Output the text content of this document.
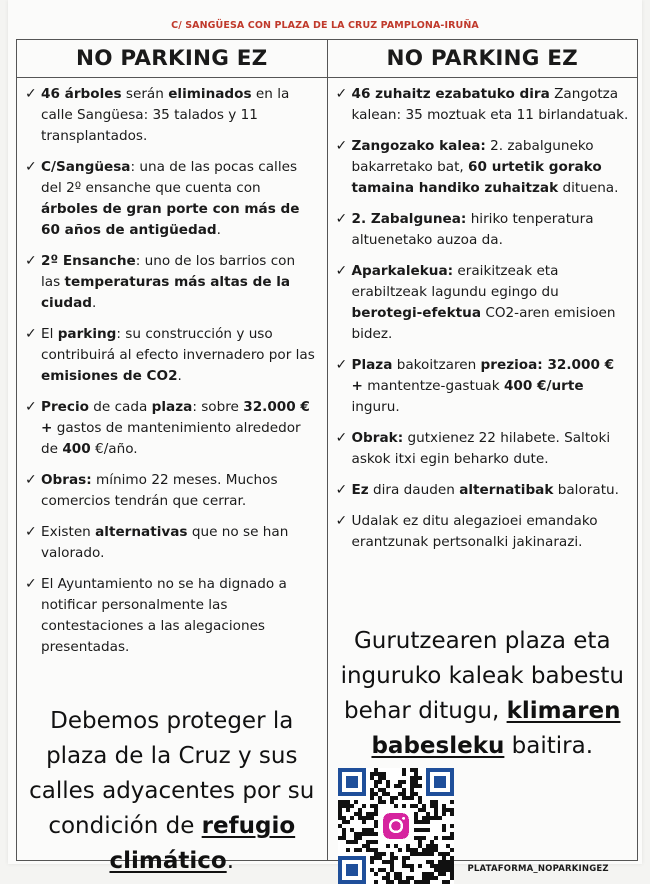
C/ SANGÜESA CON PLAZA DE LA CRUZ PAMPLONA-IRUÑA
NO PARKING EZ	NO PARKING EZ
✓ 46 árboles serán eliminados en la calle Sangüesa: 35 talados y 11 transplantados.
✓ C/Sangüesa: una de las pocas calles del 2º ensanche que cuenta con árboles de gran porte con más de 60 años de antigüedad.
✓ 2º Ensanche: uno de los barrios con las temperaturas más altas de la ciudad.
✓ El parking: su construcción y uso contribuirá al efecto invernadero por las emisiones de CO2.
✓ Precio de cada plaza: sobre 32.000 € + gastos de mantenimiento alrededor de 400 €/año.
✓ Obras: mínimo 22 meses. Muchos comercios tendrán que cerrar.
✓ Existen alternativas que no se han valorado.
✓ El Ayuntamiento no se ha dignado a notificar personalmente las contestaciones a las alegaciones presentadas.
Debemos proteger la plaza de la Cruz y sus calles adyacentes por su condición de refugio climático.
✓ 46 zuhaitz ezabatuko dira Zangotza kalean: 35 moztuak eta 11 birlandatuak.
✓ Zangozako kalea: 2. zabalguneko bakarretako bat, 60 urtetik gorako tamaina handiko zuhaitzak dituena.
✓ 2. Zabalgunea: hiriko tenperatura altuenetako auzoa da.
✓ Aparkalekua: eraikitzeak eta erabiltzeak lagundu egingo du berotegi-efektua CO2-aren emisioen bidez.
✓ Plaza bakoitzaren prezioa: 32.000 € + mantentze-gastuak 400 €/urte inguru.
✓ Obrak: gutxienez 22 hilabete. Saltoki askok itxi egin beharko dute.
✓ Ez dira dauden alternatibak baloratu.
✓ Udalak ez ditu alegazioei emandako erantzunak pertsonalki jakinarazi.
Gurutzearen plaza eta inguruko kaleak babestu behar ditugu, klimaren babesleku baitira.
PLATAFORMA_NOPARKINGEZ
